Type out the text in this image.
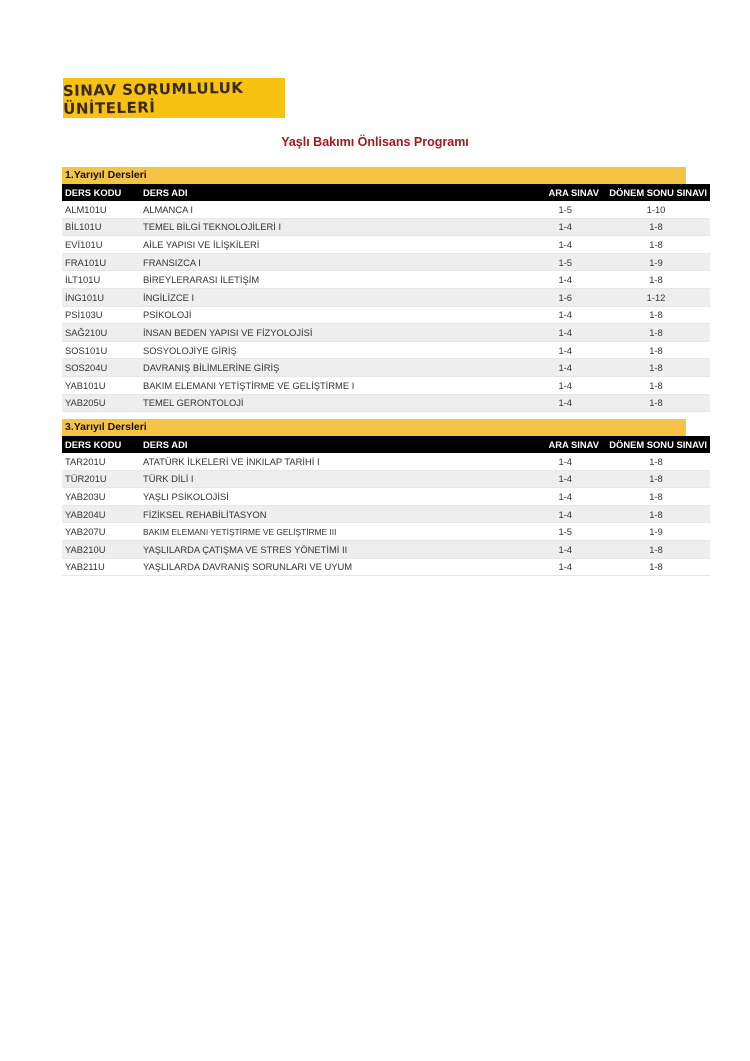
SINAV SORUMLULUK ÜNİTELERİ
Yaşlı Bakımı Önlisans Programı
1.Yarıyıl Dersleri
DERS KODU	DERS ADI	ARA SINAV	DÖNEM SONU SINAVI
ALM101U	ALMANCA I	1-5	1-10
BİL101U	TEMEL BİLGİ TEKNOLOJİLERİ I	1-4	1-8
EVİ101U	AİLE YAPISI VE İLİŞKİLERİ	1-4	1-8
FRA101U	FRANSIZCA I	1-5	1-9
İLT101U	BİREYLERARASI İLETİŞİM	1-4	1-8
İNG101U	İNGİLİZCE I	1-6	1-12
PSİ103U	PSİKOLOJİ	1-4	1-8
SAĞ210U	İNSAN BEDEN YAPISI VE FİZYOLOJİSİ	1-4	1-8
SOS101U	SOSYOLOJİYE GİRİŞ	1-4	1-8
SOS204U	DAVRANIŞ BİLİMLERİNE GİRİŞ	1-4	1-8
YAB101U	BAKIM ELEMANI YETİŞTİRME VE GELİŞTİRME I	1-4	1-8
YAB205U	TEMEL GERONTOLOJİ	1-4	1-8
3.Yarıyıl Dersleri
DERS KODU	DERS ADI	ARA SINAV	DÖNEM SONU SINAVI
TAR201U	ATATÜRK İLKELERİ VE İNKILAP TARİHİ I	1-4	1-8
TÜR201U	TÜRK DİLİ I	1-4	1-8
YAB203U	YAŞLI PSİKOLOJİSİ	1-4	1-8
YAB204U	FİZİKSEL REHABİLİTASYON	1-4	1-8
YAB207U	BAKIM ELEMANI YETİŞTİRME VE GELİŞTİRME III	1-5	1-9
YAB210U	YAŞLILARDA ÇATIŞMA VE STRES YÖNETİMİ II	1-4	1-8
YAB211U	YAŞLILARDA DAVRANIŞ SORUNLARI VE UYUM	1-4	1-8
